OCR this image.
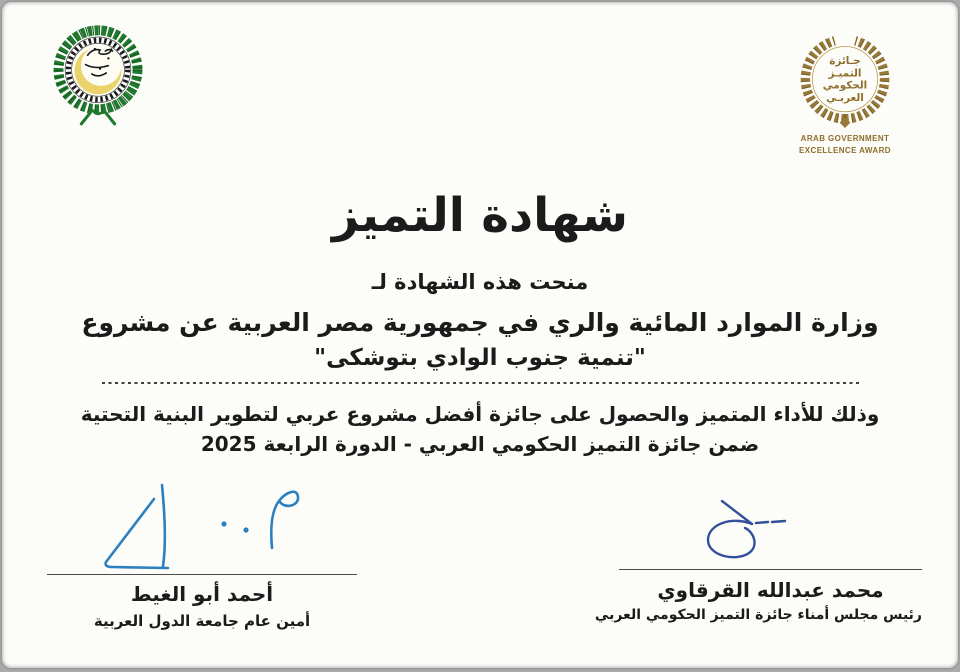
جـائزة
التميـز
الحكومي
العربـي
ARAB GOVERNMENT
EXCELLENCE AWARD
شهادة التميز
منحت هذه الشهادة لـ
وزارة الموارد المائية والري في جمهورية مصر العربية عن مشروع
"تنمية جنوب الوادي بتوشكى"
وذلك للأداء المتميز والحصول على جائزة أفضل مشروع عربي لتطوير البنية التحتية
ضمن جائزة التميز الحكومي العربي - الدورة الرابعة 2025
أحمد أبو الغيط
أمين عام جامعة الدول العربية
محمد عبدالله القرقاوي
رئيس مجلس أمناء جائزة التميز الحكومي العربي
